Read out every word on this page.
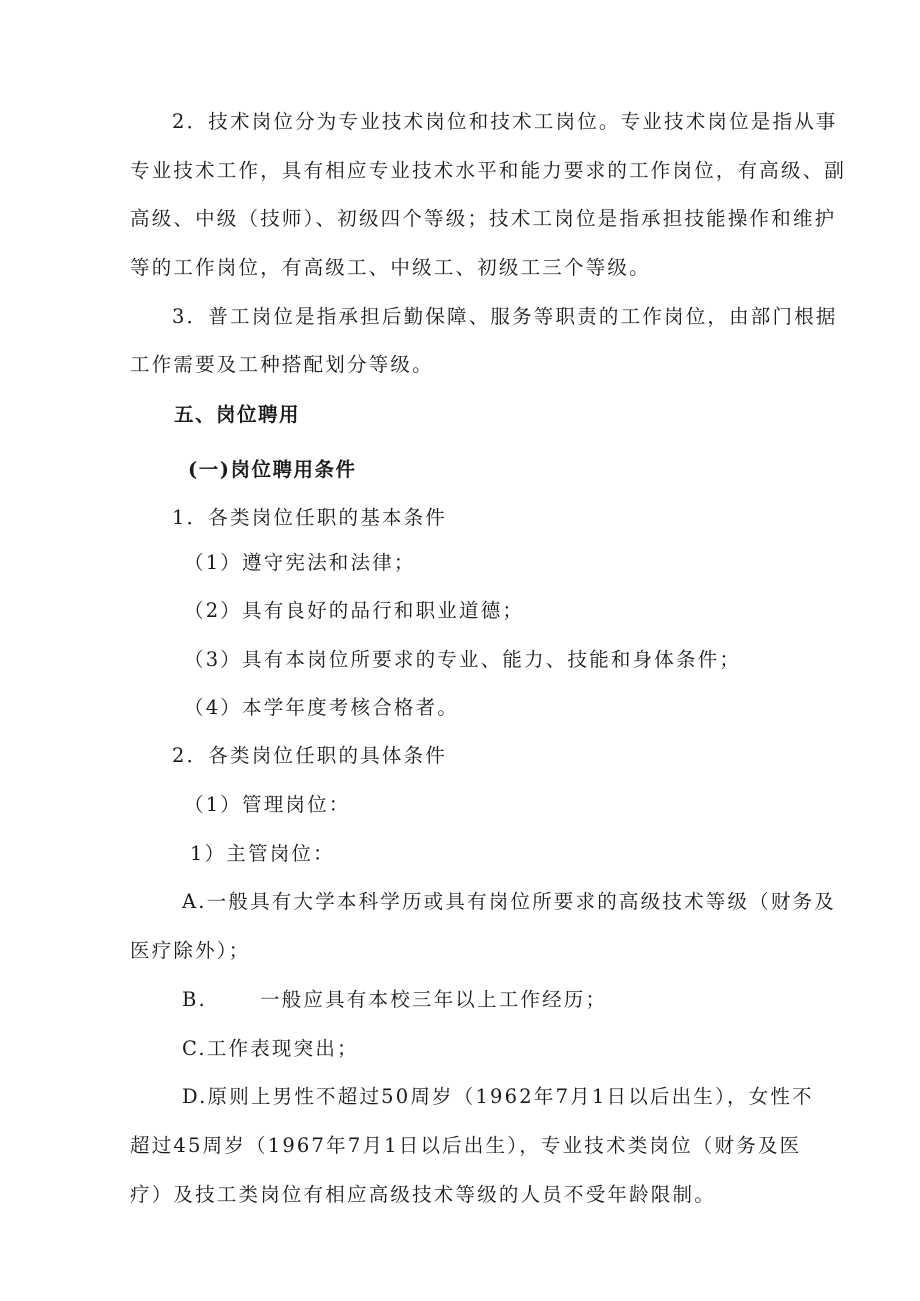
2．技术岗位分为专业技术岗位和技术工岗位。专业技术岗位是指从事
专业技术工作，具有相应专业技术水平和能力要求的工作岗位，有高级、副
高级、中级（技师）、初级四个等级；技术工岗位是指承担技能操作和维护
等的工作岗位，有高级工、中级工、初级工三个等级。
3．普工岗位是指承担后勤保障、服务等职责的工作岗位，由部门根据
工作需要及工种搭配划分等级。
五、岗位聘用
(一)岗位聘用条件
1．各类岗位任职的基本条件
（1）遵守宪法和法律；
（2）具有良好的品行和职业道德；
（3）具有本岗位所要求的专业、能力、技能和身体条件；
（4）本学年度考核合格者。
2．各类岗位任职的具体条件
（1）管理岗位：
1）主管岗位：
A.一般具有大学本科学历或具有岗位所要求的高级技术等级（财务及
医疗除外）；
B.	一般应具有本校三年以上工作经历；
C.工作表现突出；
D.原则上男性不超过50周岁（1962年7月1日以后出生），女性不
超过45周岁（1967年7月1日以后出生），专业技术类岗位（财务及医
疗）及技工类岗位有相应高级技术等级的人员不受年龄限制。
